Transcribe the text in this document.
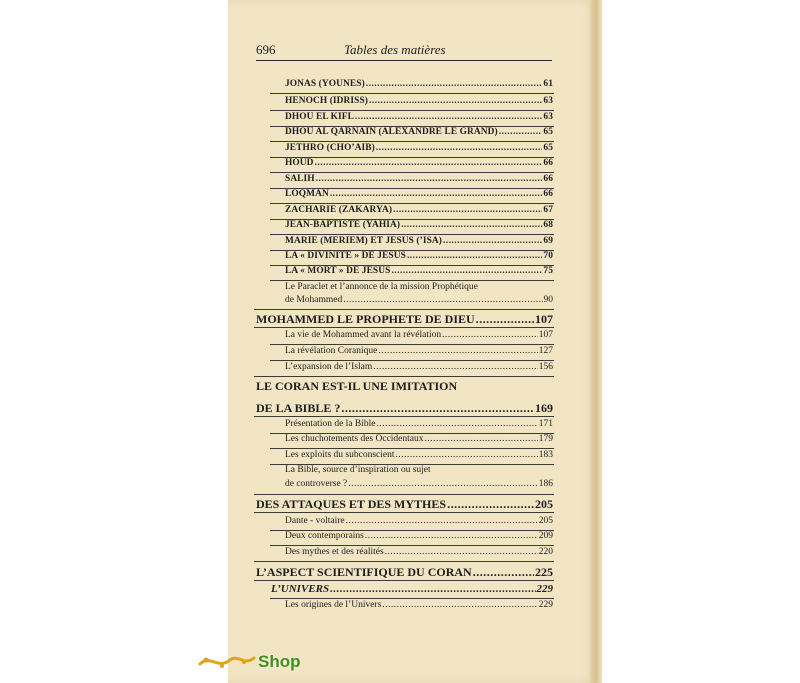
696	Tables des matières
JONAS (YOUNES) .....	61
HENOCH (IDRISS) .....	63
DHOU EL KIFL .....	63
DHOU AL QARNAIN (ALEXANDRE LE GRAND) .....	65
JETHRO (CHO’AIB) .....	65
HOUD .....	66
SALIH .....	66
LOQMAN .....	66
ZACHARIE (ZAKARYA) .....	67
JEAN-BAPTISTE (YAHIA) .....	68
MARIE (MERIEM) ET JESUS (’ISA) .....	69
LA « DIVINITE » DE JESUS .....	70
LA « MORT » DE JESUS .....	75
Le Paraclet et l’annonce de la mission Prophétique
de Mohammed .....	90
MOHAMMED LE PROPHETE DE DIEU .....	107
La vie de Mohammed avant la révélation .....	107
La révélation Coranique .....	127
L’expansion de l’Islam .....	156
LE CORAN EST-IL UNE IMITATION
DE LA BIBLE ? .....	169
Présentation de la Bible .....	171
Les chuchotements des Occidentaux .....	179
Les exploits du subconscient .....	183
La Bible, source d’inspiration ou sujet
de controverse ? .....	186
DES ATTAQUES ET DES MYTHES .....	205
Dante - voltaire .....	205
Deux contemporains .....	209
Des mythes et des réalités .....	220
L’ASPECT SCIENTIFIQUE DU CORAN .....	225
L’UNIVERS .....	229
Les origines de l’Univers .....	229
Shop
